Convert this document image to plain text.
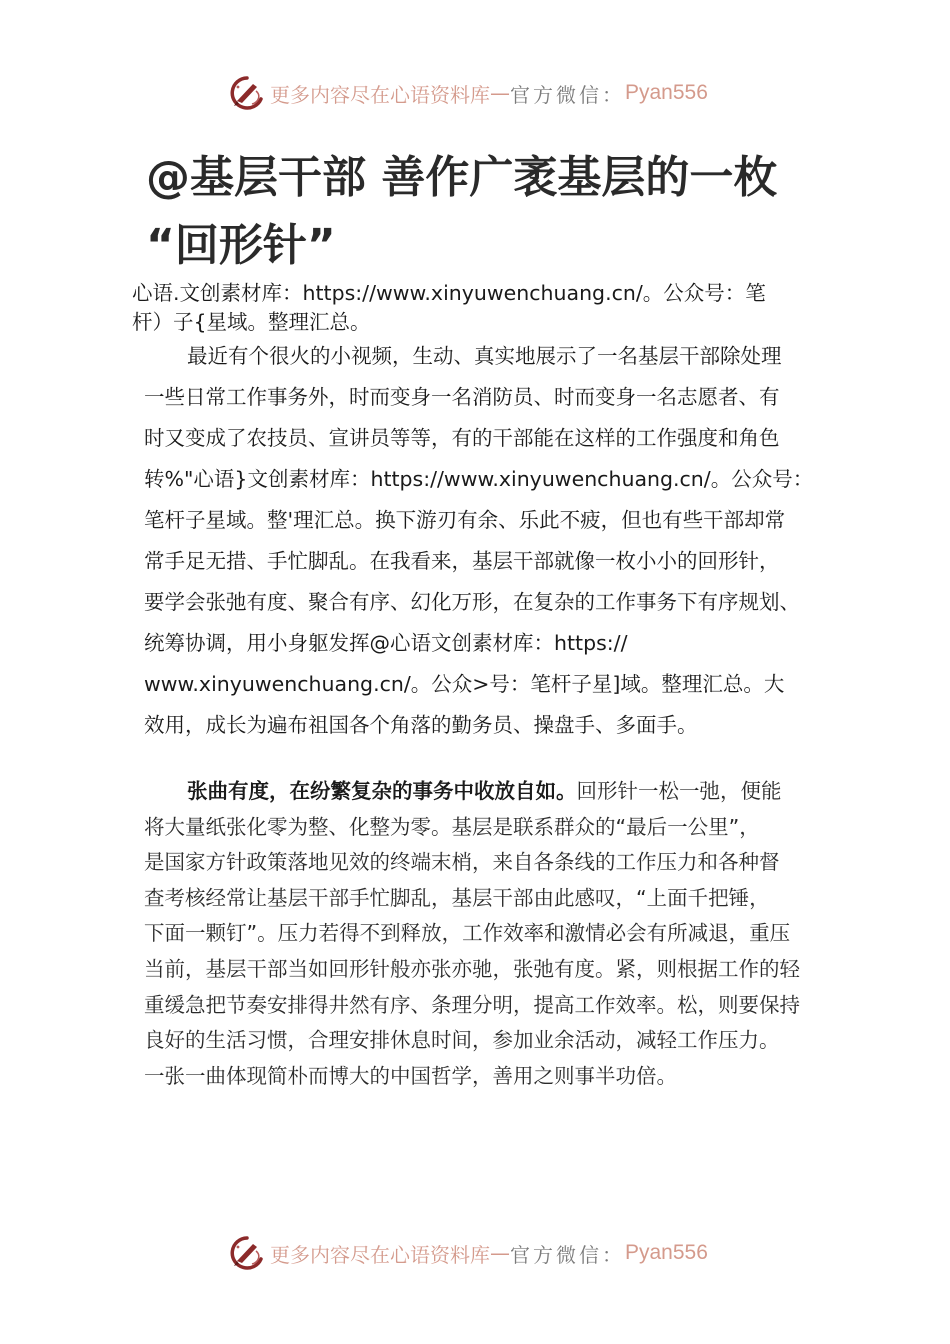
更多内容尽在心语资料库 — 官方微信： Pyan556
@基层干部 善作广袤基层的一枚
“回形针”

心语.文创素材库：https://www.xinyuwenchuang.cn/。公众号：笔

杆）子{星域。整理汇总。

最近有个很火的小视频，生动、真实地展示了一名基层干部除处理

一些日常工作事务外，时而变身一名消防员、时而变身一名志愿者、有

时又变成了农技员、宣讲员等等，有的干部能在这样的工作强度和角色

转%"心语}文创素材库：https://www.xinyuwenchuang.cn/。公众号：

笔杆子星域。整'理汇总。换下游刃有余、乐此不疲，但也有些干部却常

常手足无措、手忙脚乱。在我看来，基层干部就像一枚小小的回形针，

要学会张弛有度、聚合有序、幻化万形，在复杂的工作事务下有序规划、

统筹协调，用小身躯发挥@心语文创素材库：https://

www.xinyuwenchuang.cn/。公众>号：笔杆子星]域。整理汇总。大

效用，成长为遍布祖国各个角落的勤务员、操盘手、多面手。

张曲有度，在纷繁复杂的事务中收放自如。回形针一松一弛，便能

将大量纸张化零为整、化整为零。基层是联系群众的“最后一公里”，

是国家方针政策落地见效的终端末梢，来自各条线的工作压力和各种督

查考核经常让基层干部手忙脚乱，基层干部由此感叹，“上面千把锤，

下面一颗钉”。压力若得不到释放，工作效率和激情必会有所减退，重压

当前，基层干部当如回形针般亦张亦驰，张弛有度。紧，则根据工作的轻

重缓急把节奏安排得井然有序、条理分明，提高工作效率。松，则要保持

良好的生活习惯，合理安排休息时间，参加业余活动，减轻工作压力。

一张一曲体现简朴而博大的中国哲学，善用之则事半功倍。

更多内容尽在心语资料库 — 官方微信： Pyan556
